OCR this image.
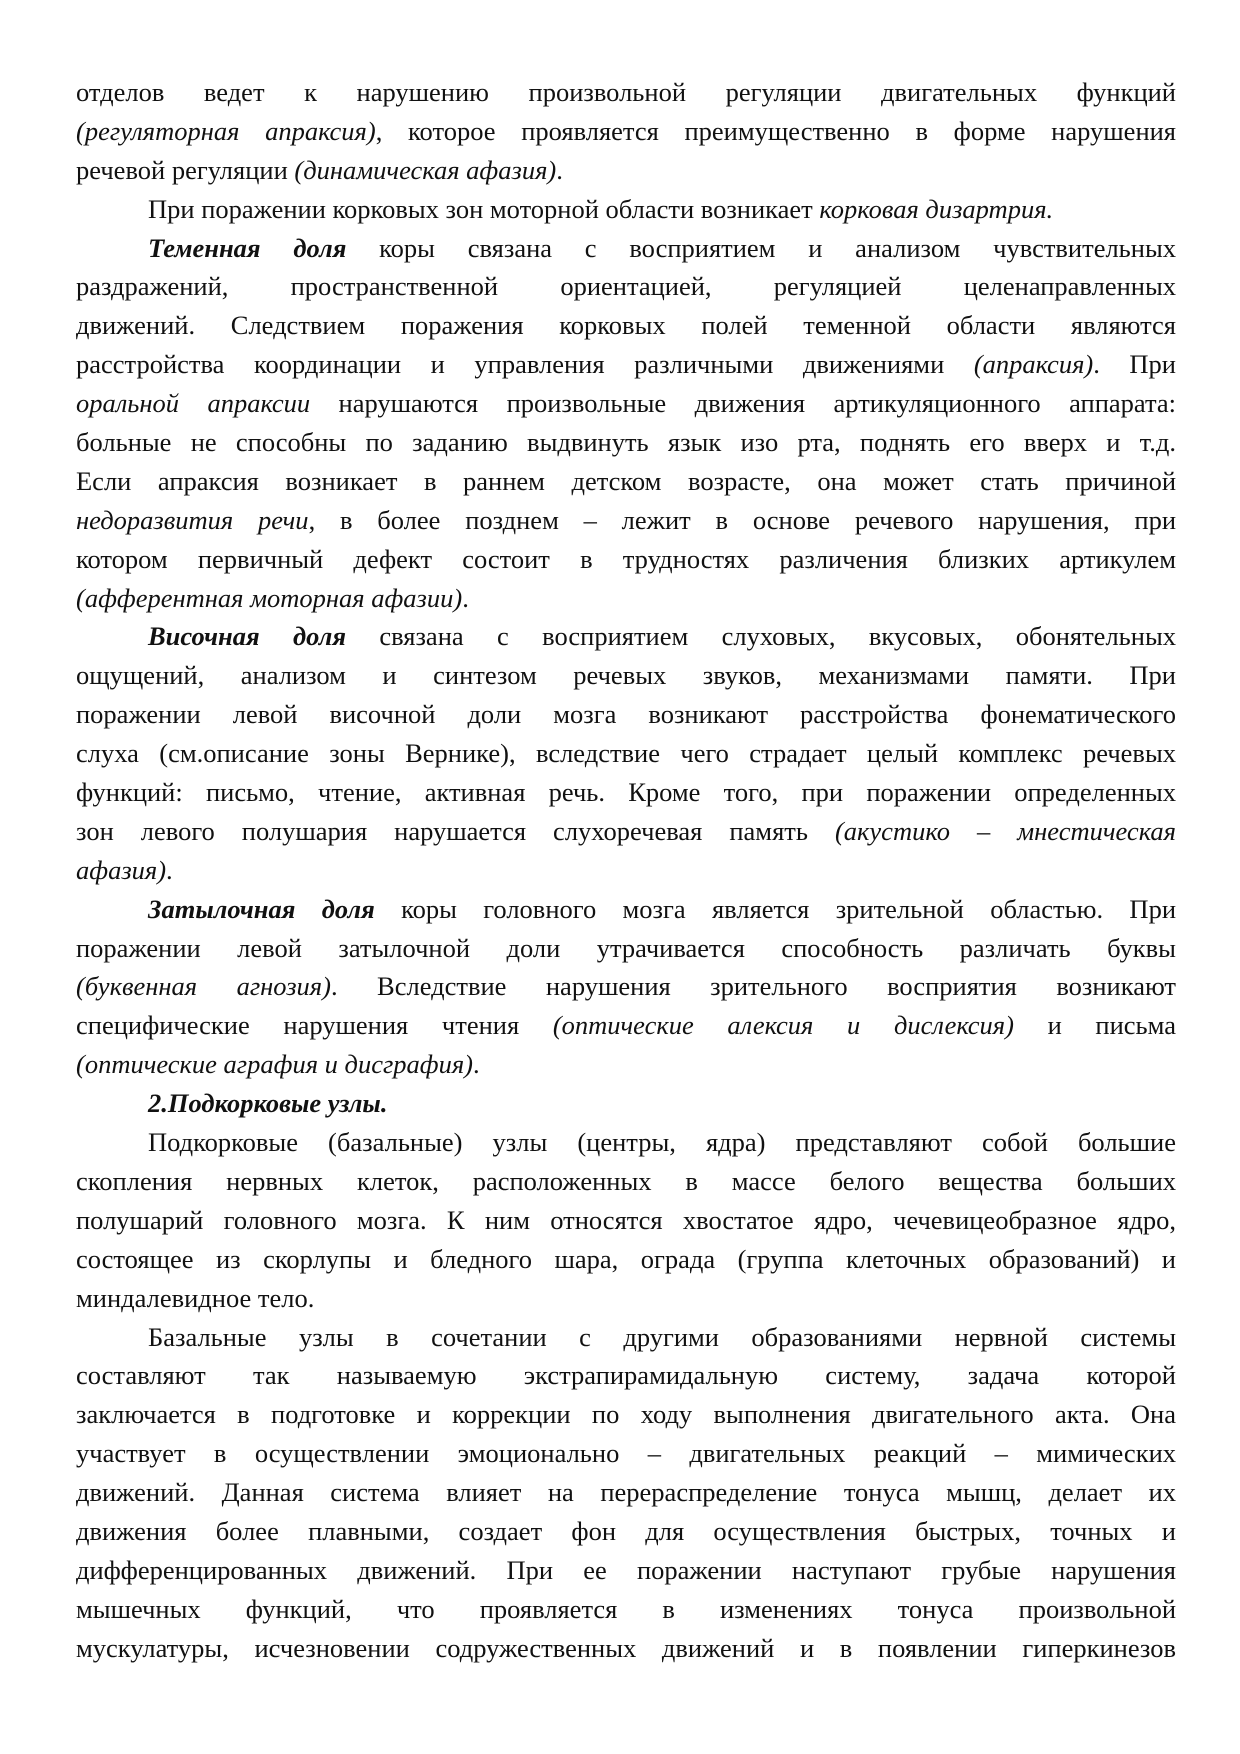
отделов ведет к нарушению произвольной регуляции двигательных функций
(регуляторная апраксия), которое проявляется преимущественно в форме нарушения
речевой регуляции (динамическая афазия).
При поражении корковых зон моторной области возникает корковая дизартрия.
Теменная доля коры связана с восприятием и анализом чувствительных
раздражений, пространственной ориентацией, регуляцией целенаправленных
движений. Следствием поражения корковых полей теменной области являются
расстройства координации и управления различными движениями (апраксия). При
оральной апраксии нарушаются произвольные движения артикуляционного аппарата:
больные не способны по заданию выдвинуть язык изо рта, поднять его вверх и т.д.
Если апраксия возникает в раннем детском возрасте, она может стать причиной
недоразвития речи, в более позднем – лежит в основе речевого нарушения, при
котором первичный дефект состоит в трудностях различения близких артикулем
(афферентная моторная афазии).
Височная доля связана с восприятием слуховых, вкусовых, обонятельных
ощущений, анализом и синтезом речевых звуков, механизмами памяти. При
поражении левой височной доли мозга возникают расстройства фонематического
слуха (см.описание зоны Вернике), вследствие чего страдает целый комплекс речевых
функций: письмо, чтение, активная речь. Кроме того, при поражении определенных
зон левого полушария нарушается слухоречевая память (акустико – мнестическая
афазия).
Затылочная доля коры головного мозга является зрительной областью. При
поражении левой затылочной доли утрачивается способность различать буквы
(буквенная агнозия). Вследствие нарушения зрительного восприятия возникают
специфические нарушения чтения (оптические алексия и дислексия) и письма
(оптические аграфия и дисграфия).
2.Подкорковые узлы.
Подкорковые (базальные) узлы (центры, ядра) представляют собой большие
скопления нервных клеток, расположенных в массе белого вещества больших
полушарий головного мозга. К ним относятся хвостатое ядро, чечевицеобразное ядро,
состоящее из скорлупы и бледного шара, ограда (группа клеточных образований) и
миндалевидное тело.
Базальные узлы в сочетании с другими образованиями нервной системы
составляют так называемую экстрапирамидальную систему, задача которой
заключается в подготовке и коррекции по ходу выполнения двигательного акта. Она
участвует в осуществлении эмоционально – двигательных реакций – мимических
движений. Данная система влияет на перераспределение тонуса мышц, делает их
движения более плавными, создает фон для осуществления быстрых, точных и
дифференцированных движений. При ее поражении наступают грубые нарушения
мышечных функций, что проявляется в изменениях тонуса произвольной
мускулатуры, исчезновении содружественных движений и в появлении гиперкинезов
